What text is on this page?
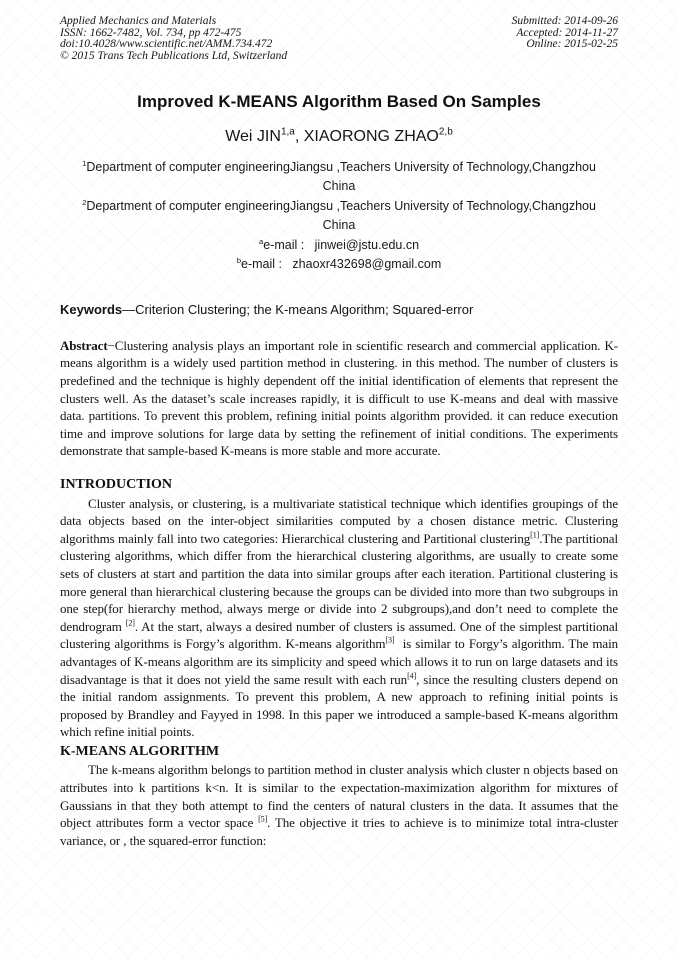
Applied Mechanics and Materials
ISSN: 1662-7482, Vol. 734, pp 472-475
doi:10.4028/www.scientific.net/AMM.734.472
© 2015 Trans Tech Publications Ltd, Switzerland
Submitted: 2014-09-26
Accepted: 2014-11-27
Online: 2015-02-25
Improved K-MEANS Algorithm Based On Samples
Wei JIN$^{1,a}$, XIAORONG ZHAO$^{2,b}$
$^1$Department of computer engineeringJiangsu ,Teachers University of Technology,Changzhou
China
$^2$Department of computer engineeringJiangsu ,Teachers University of Technology,Changzhou
China
$^a$e-mail :   jinwei@jstu.edu.cn
$^b$e-mail :   zhaoxr432698@gmail.com
Keywords—Criterion Clustering; the K-means Algorithm; Squared-error

Abstract−Clustering analysis plays an important role in scientific research and commercial application. K-means algorithm is a widely used partition method in clustering. in this method. The number of clusters is predefined and the technique is highly dependent off the initial identification of elements that represent the clusters well. As the dataset’s scale increases rapidly, it is difficult to use K-means and deal with massive data. partitions. To prevent this problem, refining initial points algorithm provided. it can reduce execution time and improve solutions for large data by setting the refinement of initial conditions. The experiments demonstrate that sample-based K-means is more stable and more accurate.

INTRODUCTION

Cluster analysis, or clustering, is a multivariate statistical technique which identifies groupings of the data objects based on the inter-object similarities computed by a chosen distance metric. Clustering algorithms mainly fall into two categories: Hierarchical clustering and Partitional clustering[1].The partitional clustering algorithms, which differ from the hierarchical clustering algorithms, are usually to create some sets of clusters at start and partition the data into similar groups after each iteration. Partitional clustering is more general than hierarchical clustering because the groups can be divided into more than two subgroups in one step(for hierarchy method, always merge or divide into 2 subgroups),and don’t need to complete the dendrogram [2]. At the start, always a desired number of clusters is assumed. One of the simplest partitional clustering algorithms is Forgy’s algorithm. K-means algorithm[3]  is similar to Forgy’s algorithm. The main advantages of K-means algorithm are its simplicity and speed which allows it to run on large datasets and its disadvantage is that it does not yield the same result with each run[4], since the resulting clusters depend on the initial random assignments. To prevent this problem, A new approach to refining initial points is proposed by Brandley and Fayyed in 1998. In this paper we introduced a sample-based K-means algorithm which refine initial points.

K-MEANS ALGORITHM

The k-means algorithm belongs to partition method in cluster analysis which cluster n objects based on attributes into k partitions k<n. It is similar to the expectation-maximization algorithm for mixtures of Gaussians in that they both attempt to find the centers of natural clusters in the data. It assumes that the object attributes form a vector space [5]. The objective it tries to achieve is to minimize total intra-cluster variance, or , the squared-error function:
